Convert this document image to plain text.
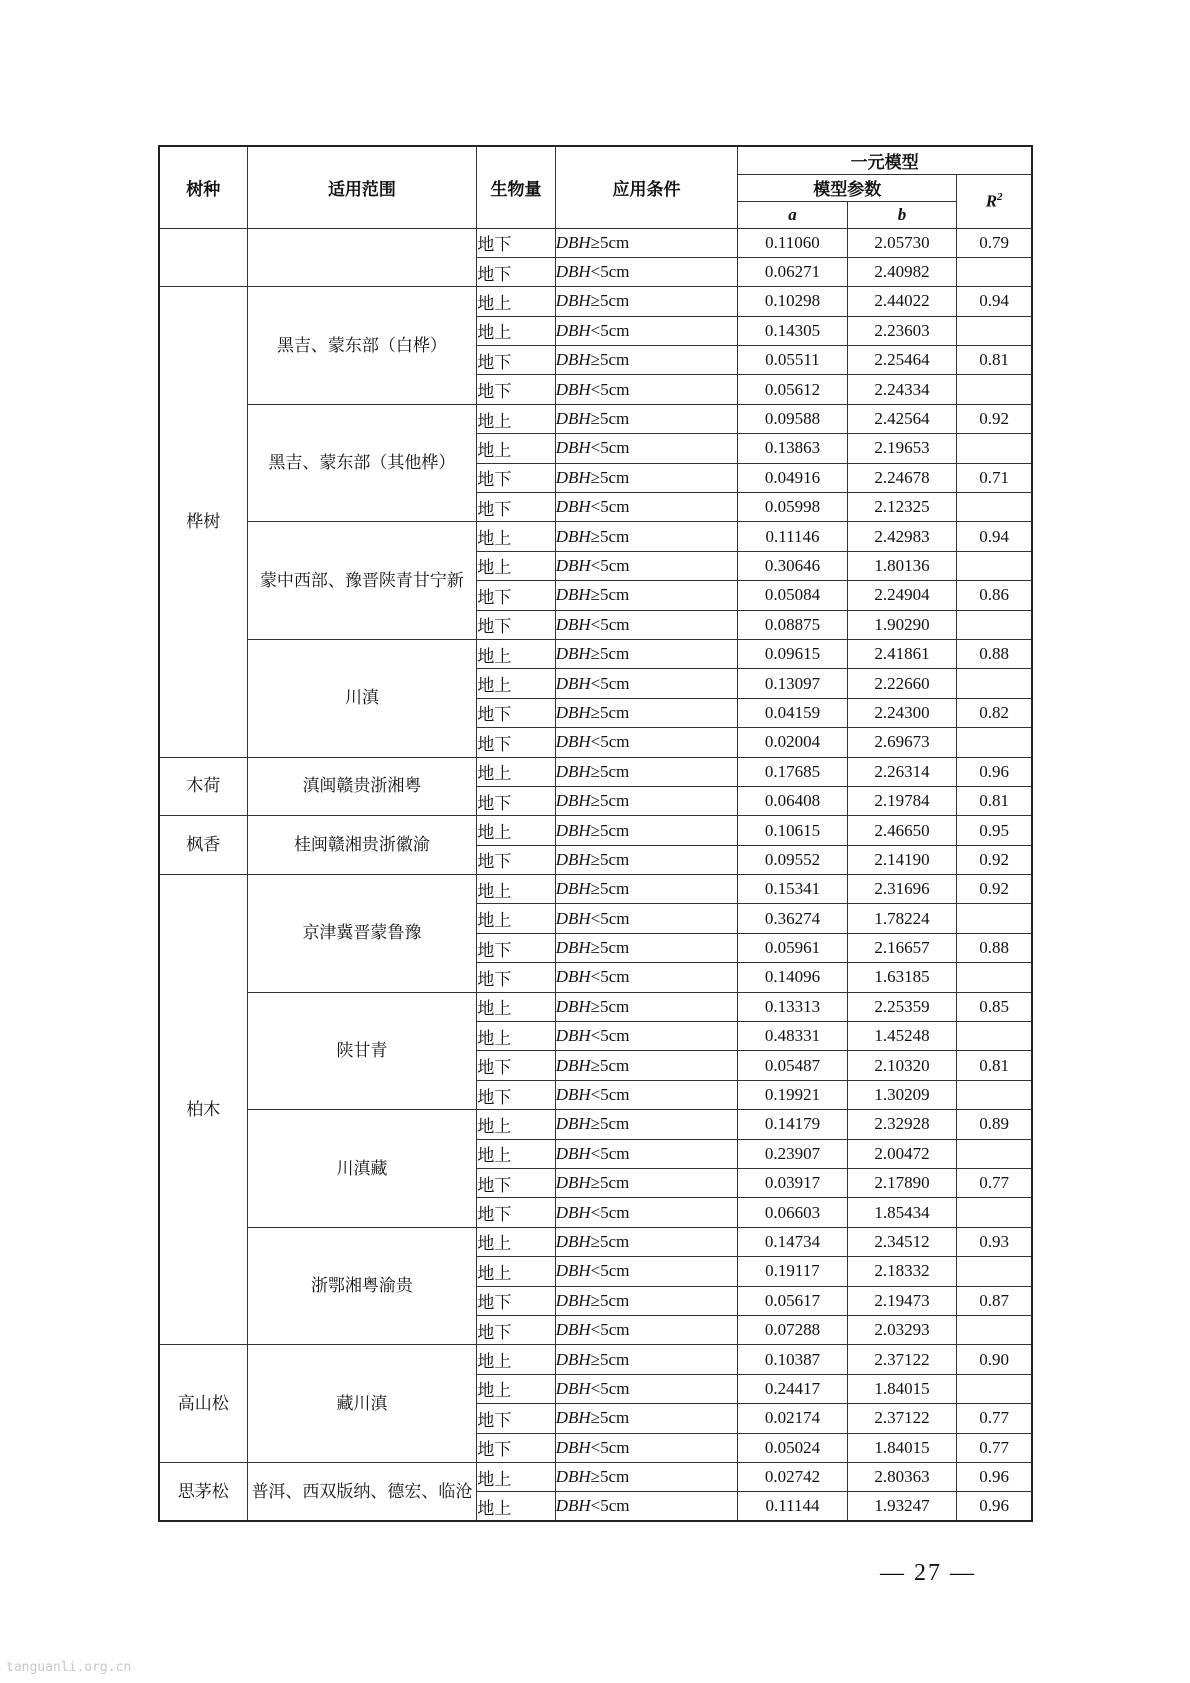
树种	适用范围	生物量	应用条件	一元模型		
				模型参数		$R^2$
				a	b	
		地下	DBH≥5cm	0.11060	2.05730	0.79
		地下	DBH<5cm	0.06271	2.40982	
桦树	黑吉、蒙东部（白桦）	地上	DBH≥5cm	0.10298	2.44022	0.94
		地上	DBH<5cm	0.14305	2.23603	
		地下	DBH≥5cm	0.05511	2.25464	0.81
		地下	DBH<5cm	0.05612	2.24334	
	黑吉、蒙东部（其他桦）	地上	DBH≥5cm	0.09588	2.42564	0.92
		地上	DBH<5cm	0.13863	2.19653	
		地下	DBH≥5cm	0.04916	2.24678	0.71
		地下	DBH<5cm	0.05998	2.12325	
	蒙中西部、豫晋陕青甘宁新	地上	DBH≥5cm	0.11146	2.42983	0.94
		地上	DBH<5cm	0.30646	1.80136	
		地下	DBH≥5cm	0.05084	2.24904	0.86
		地下	DBH<5cm	0.08875	1.90290	
	川滇	地上	DBH≥5cm	0.09615	2.41861	0.88
		地上	DBH<5cm	0.13097	2.22660	
		地下	DBH≥5cm	0.04159	2.24300	0.82
		地下	DBH<5cm	0.02004	2.69673	
木荷	滇闽赣贵浙湘粤	地上	DBH≥5cm	0.17685	2.26314	0.96
		地下	DBH≥5cm	0.06408	2.19784	0.81
枫香	桂闽赣湘贵浙徽渝	地上	DBH≥5cm	0.10615	2.46650	0.95
		地下	DBH≥5cm	0.09552	2.14190	0.92
柏木	京津冀晋蒙鲁豫	地上	DBH≥5cm	0.15341	2.31696	0.92
		地上	DBH<5cm	0.36274	1.78224	
		地下	DBH≥5cm	0.05961	2.16657	0.88
		地下	DBH<5cm	0.14096	1.63185	
	陕甘青	地上	DBH≥5cm	0.13313	2.25359	0.85
		地上	DBH<5cm	0.48331	1.45248	
		地下	DBH≥5cm	0.05487	2.10320	0.81
		地下	DBH<5cm	0.19921	1.30209	
	川滇藏	地上	DBH≥5cm	0.14179	2.32928	0.89
		地上	DBH<5cm	0.23907	2.00472	
		地下	DBH≥5cm	0.03917	2.17890	0.77
		地下	DBH<5cm	0.06603	1.85434	
	浙鄂湘粤渝贵	地上	DBH≥5cm	0.14734	2.34512	0.93
		地上	DBH<5cm	0.19117	2.18332	
		地下	DBH≥5cm	0.05617	2.19473	0.87
		地下	DBH<5cm	0.07288	2.03293	
高山松	藏川滇	地上	DBH≥5cm	0.10387	2.37122	0.90
		地上	DBH<5cm	0.24417	1.84015	
		地下	DBH≥5cm	0.02174	2.37122	0.77
		地下	DBH<5cm	0.05024	1.84015	0.77
思茅松	普洱、西双版纳、德宏、临沧	地上	DBH≥5cm	0.02742	2.80363	0.96
		地上	DBH<5cm	0.11144	1.93247	0.96
— 27 —
tanguanli.org.cn
